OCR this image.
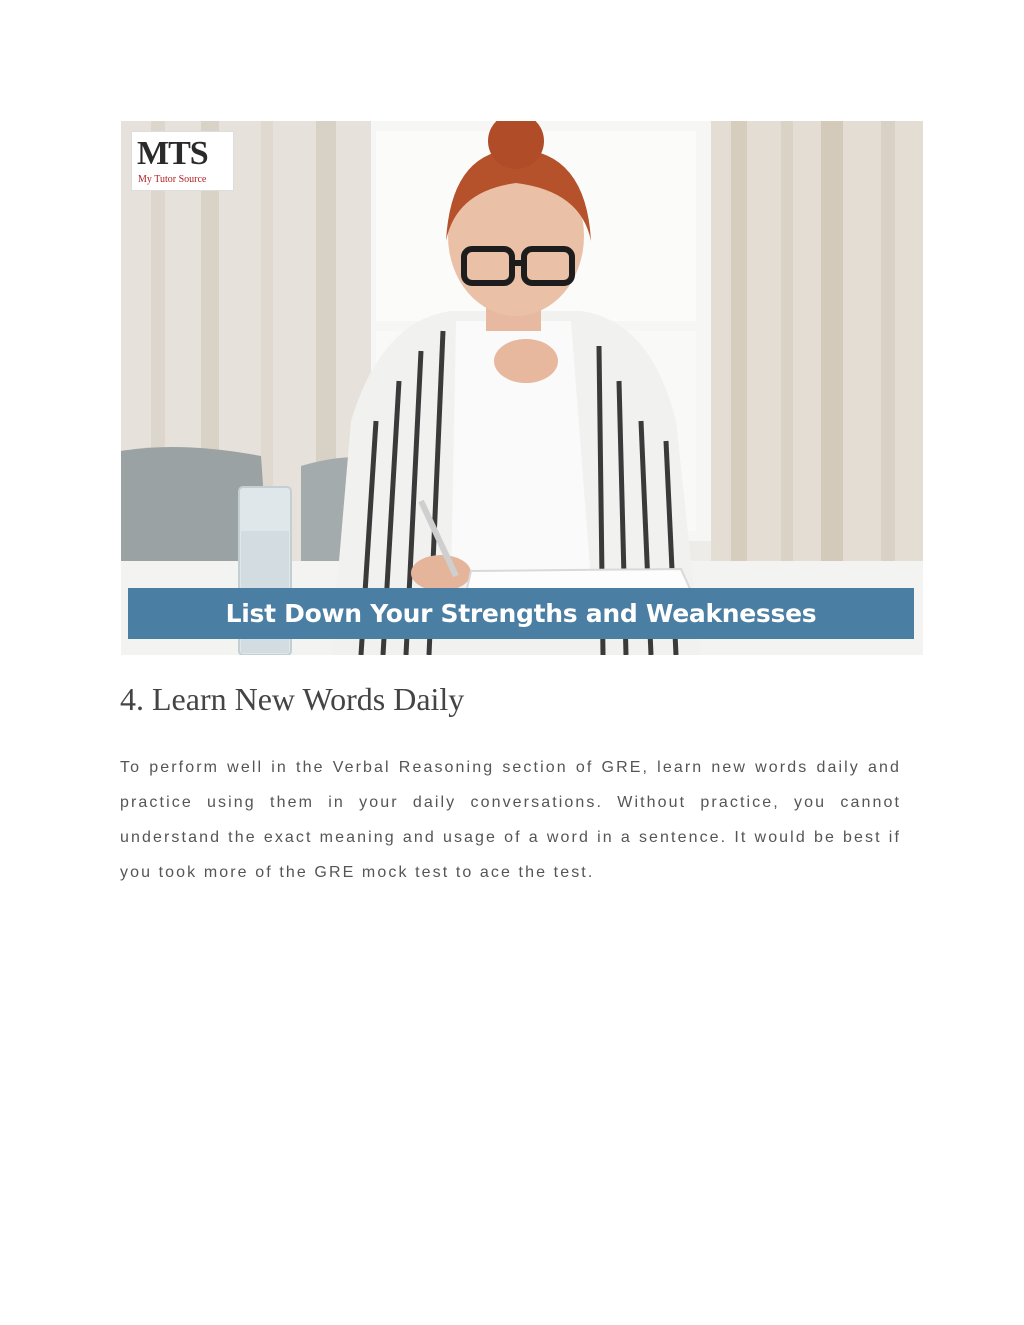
MTS
My Tutor Source
List Down Your Strengths and Weaknesses
4. Learn New Words Daily

To perform well in the Verbal Reasoning section of GRE, learn new words daily and practice using them in your daily conversations. Without practice, you cannot understand the exact meaning and usage of a word in a sentence. It would be best if you took more of the GRE mock test to ace the test.
